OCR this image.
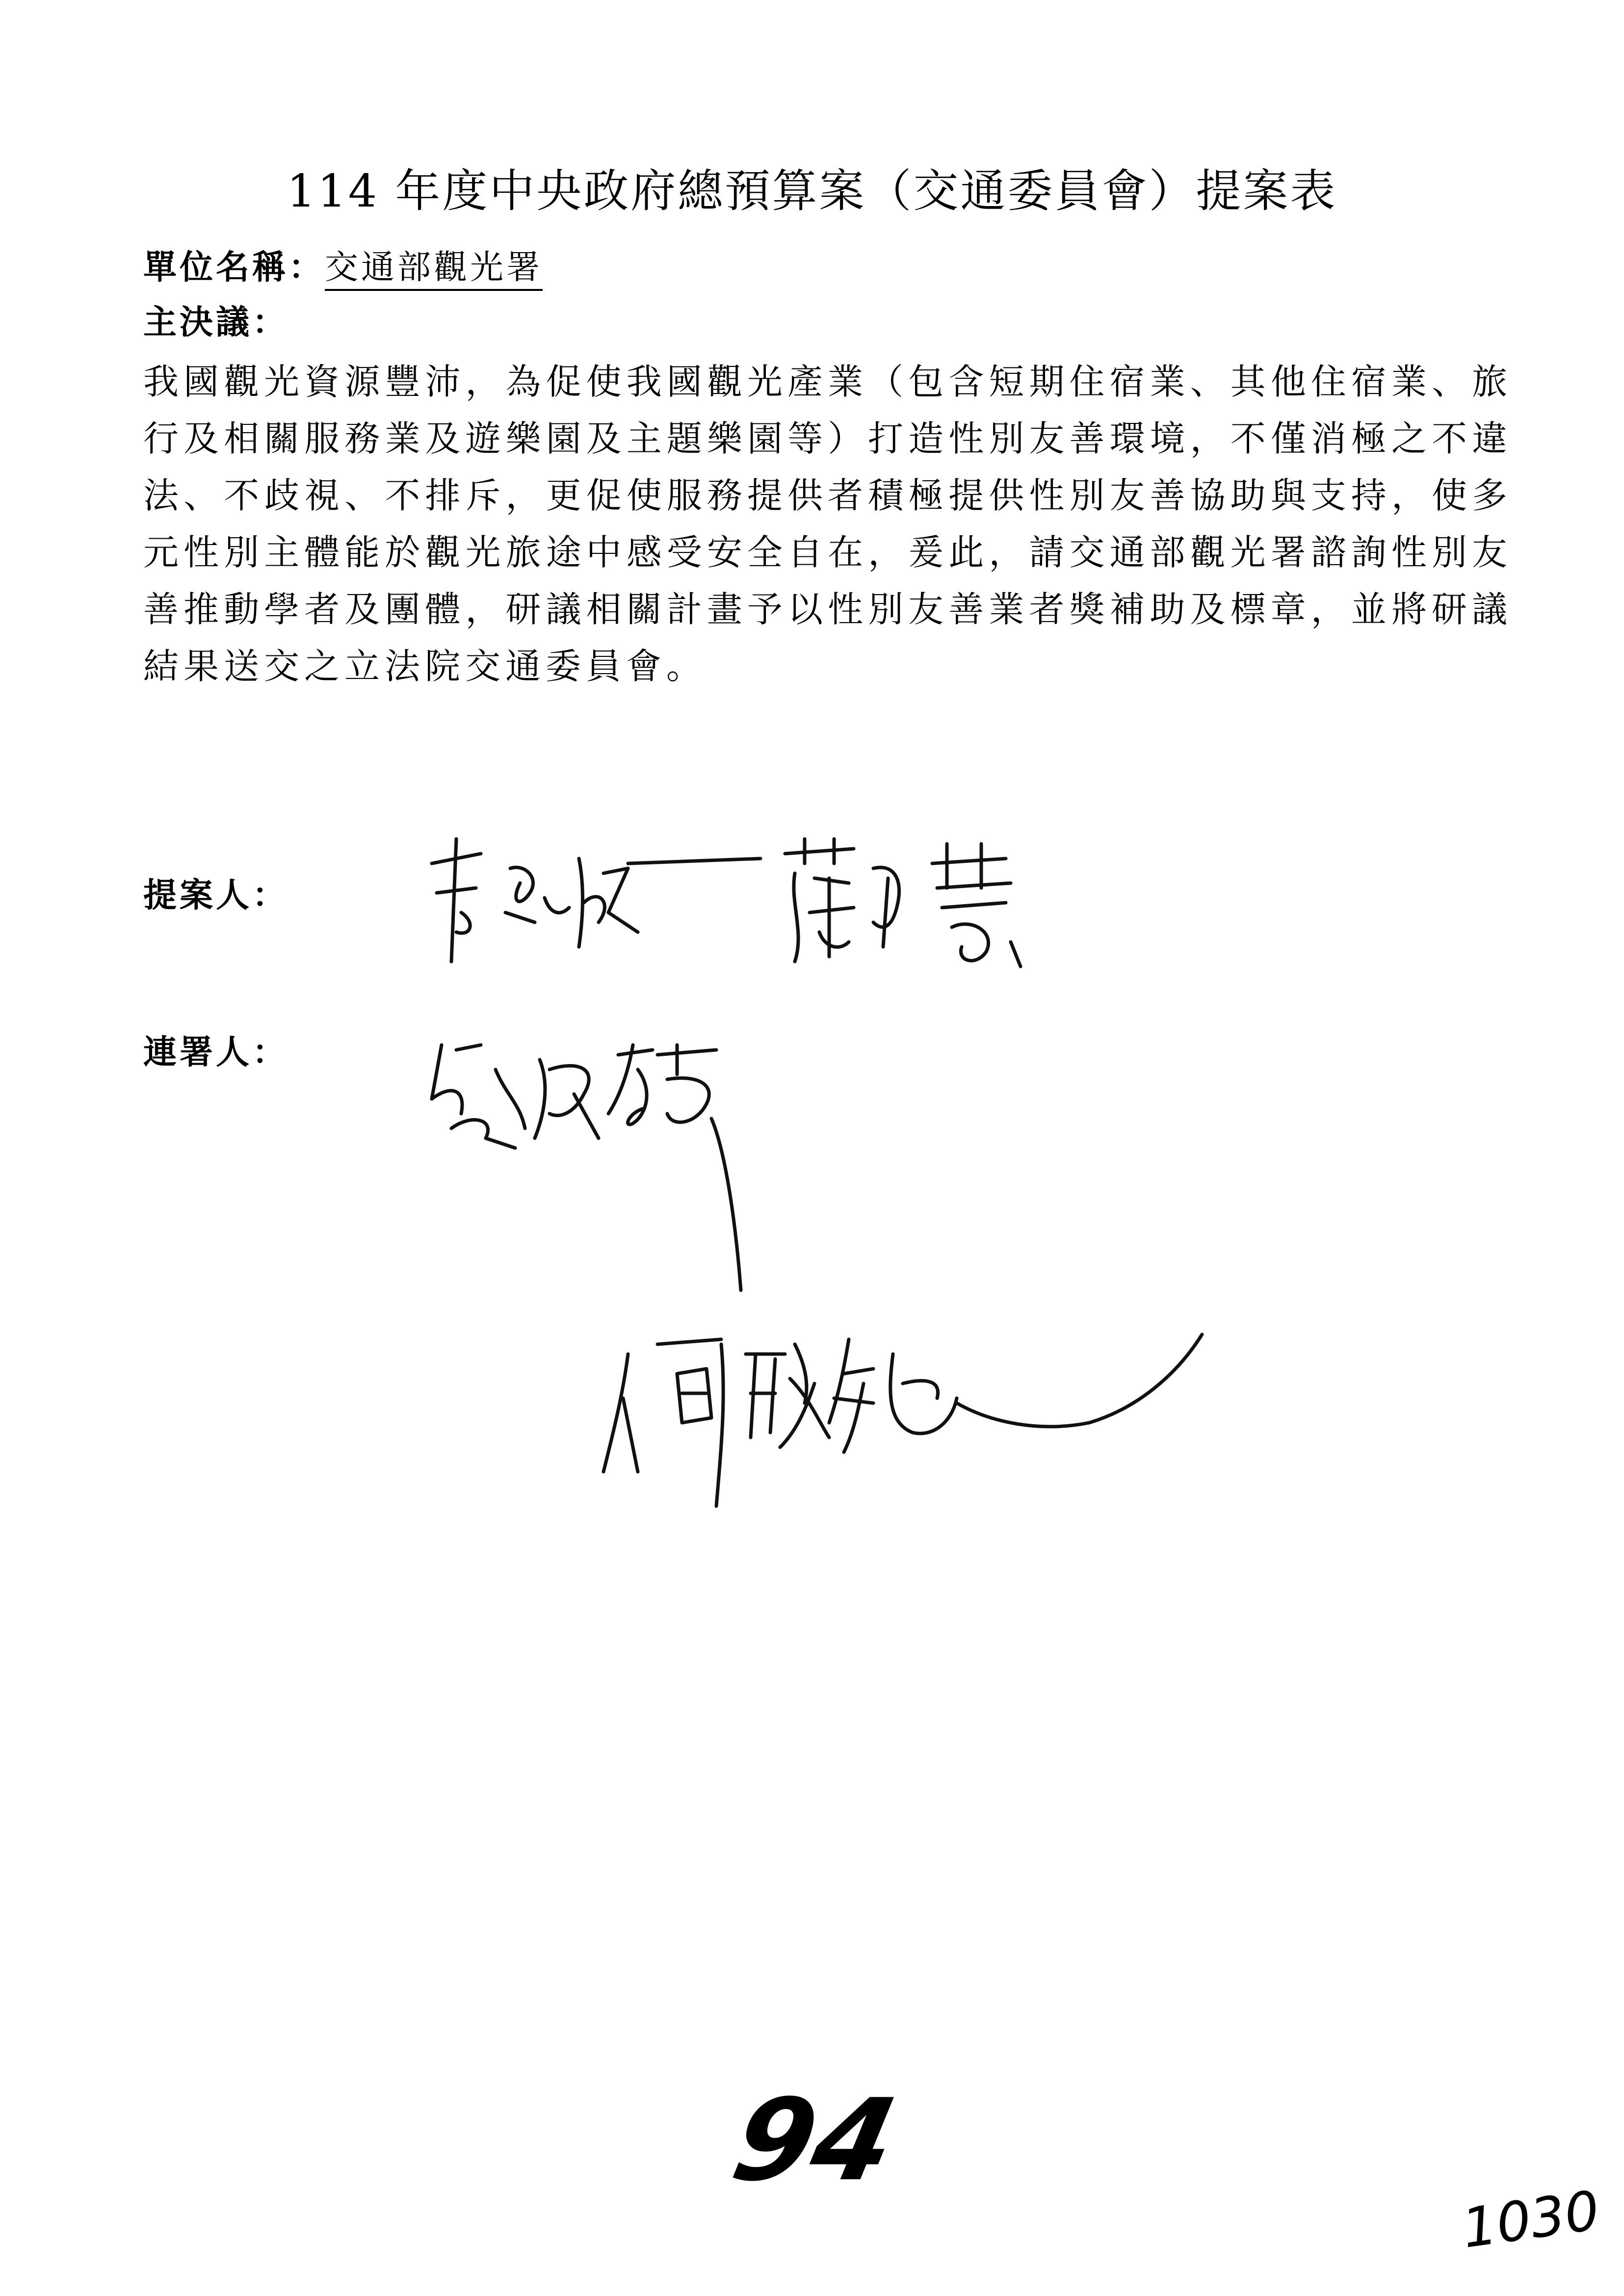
114 年度中央政府總預算案（交通委員會）提案表
單位名稱：交通部觀光署
主決議：
我國觀光資源豐沛，為促使我國觀光產業（包含短期住宿業、其他住宿業、旅行及相關服務業及遊樂園及主題樂園等）打造性別友善環境，不僅消極之不違法、不歧視、不排斥，更促使服務提供者積極提供性別友善協助與支持，使多元性別主體能於觀光旅途中感受安全自在，爰此，請交通部觀光署諮詢性別友善推動學者及團體，研議相關計畫予以性別友善業者獎補助及標章，並將研議結果送交之立法院交通委員會。
提案人：
連署人：
94
1030
